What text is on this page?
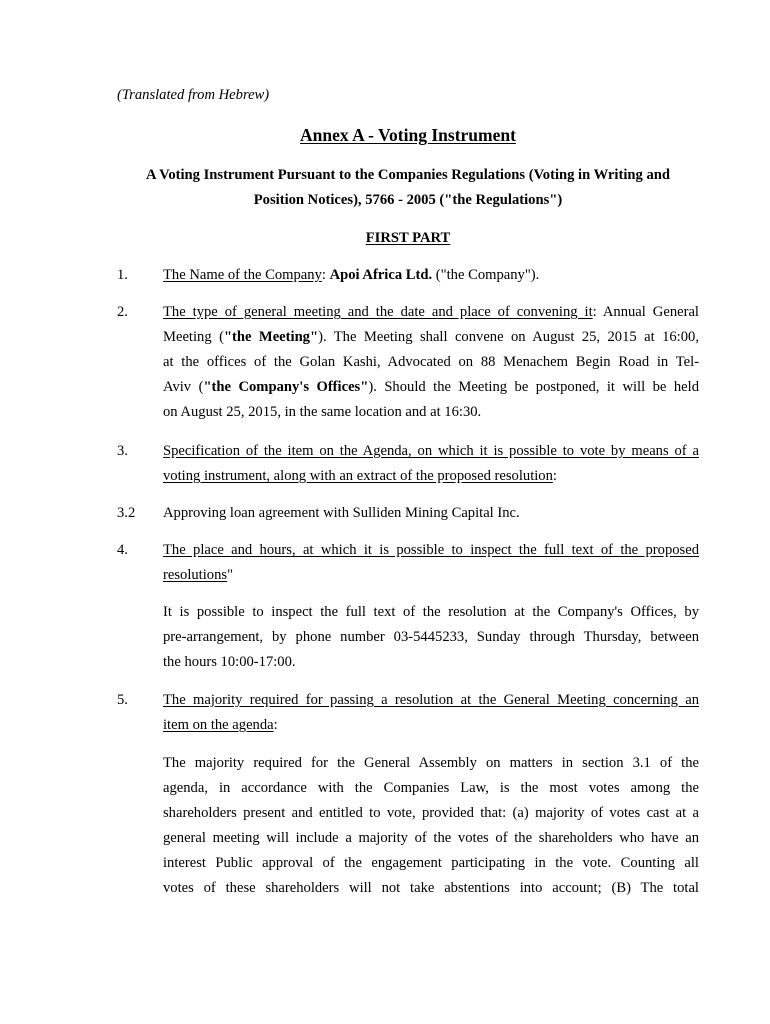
(Translated from Hebrew)
Annex A - Voting Instrument
A Voting Instrument Pursuant to the Companies Regulations (Voting in Writing and
Position Notices), 5766 - 2005 ("the Regulations")
FIRST PART
1. The Name of the Company: Apoi Africa Ltd. ("the Company").
2. The type of general meeting and the date and place of convening it: Annual General
Meeting ("the Meeting"). The Meeting shall convene on August 25, 2015 at 16:00,
at the offices of the Golan Kashi, Advocated on 88 Menachem Begin Road in Tel-
Aviv ("the Company's Offices"). Should the Meeting be postponed, it will be held
on August 25, 2015, in the same location and at 16:30.
3. Specification of the item on the Agenda, on which it is possible to vote by means of a
voting instrument, along with an extract of the proposed resolution:
3.2 Approving loan agreement with Sulliden Mining Capital Inc.
4. The place and hours, at which it is possible to inspect the full text of the proposed
resolutions"
It is possible to inspect the full text of the resolution at the Company's Offices, by
pre-arrangement, by phone number 03-5445233, Sunday through Thursday, between
the hours 10:00-17:00.
5. The majority required for passing a resolution at the General Meeting concerning an
item on the agenda:
The majority required for the General Assembly on matters in section 3.1 of the
agenda, in accordance with the Companies Law, is the most votes among the
shareholders present and entitled to vote, provided that: (a) majority of votes cast at a
general meeting will include a majority of the votes of the shareholders who have an
interest Public approval of the engagement participating in the vote. Counting all
votes of these shareholders will not take abstentions into account; (B) The total
